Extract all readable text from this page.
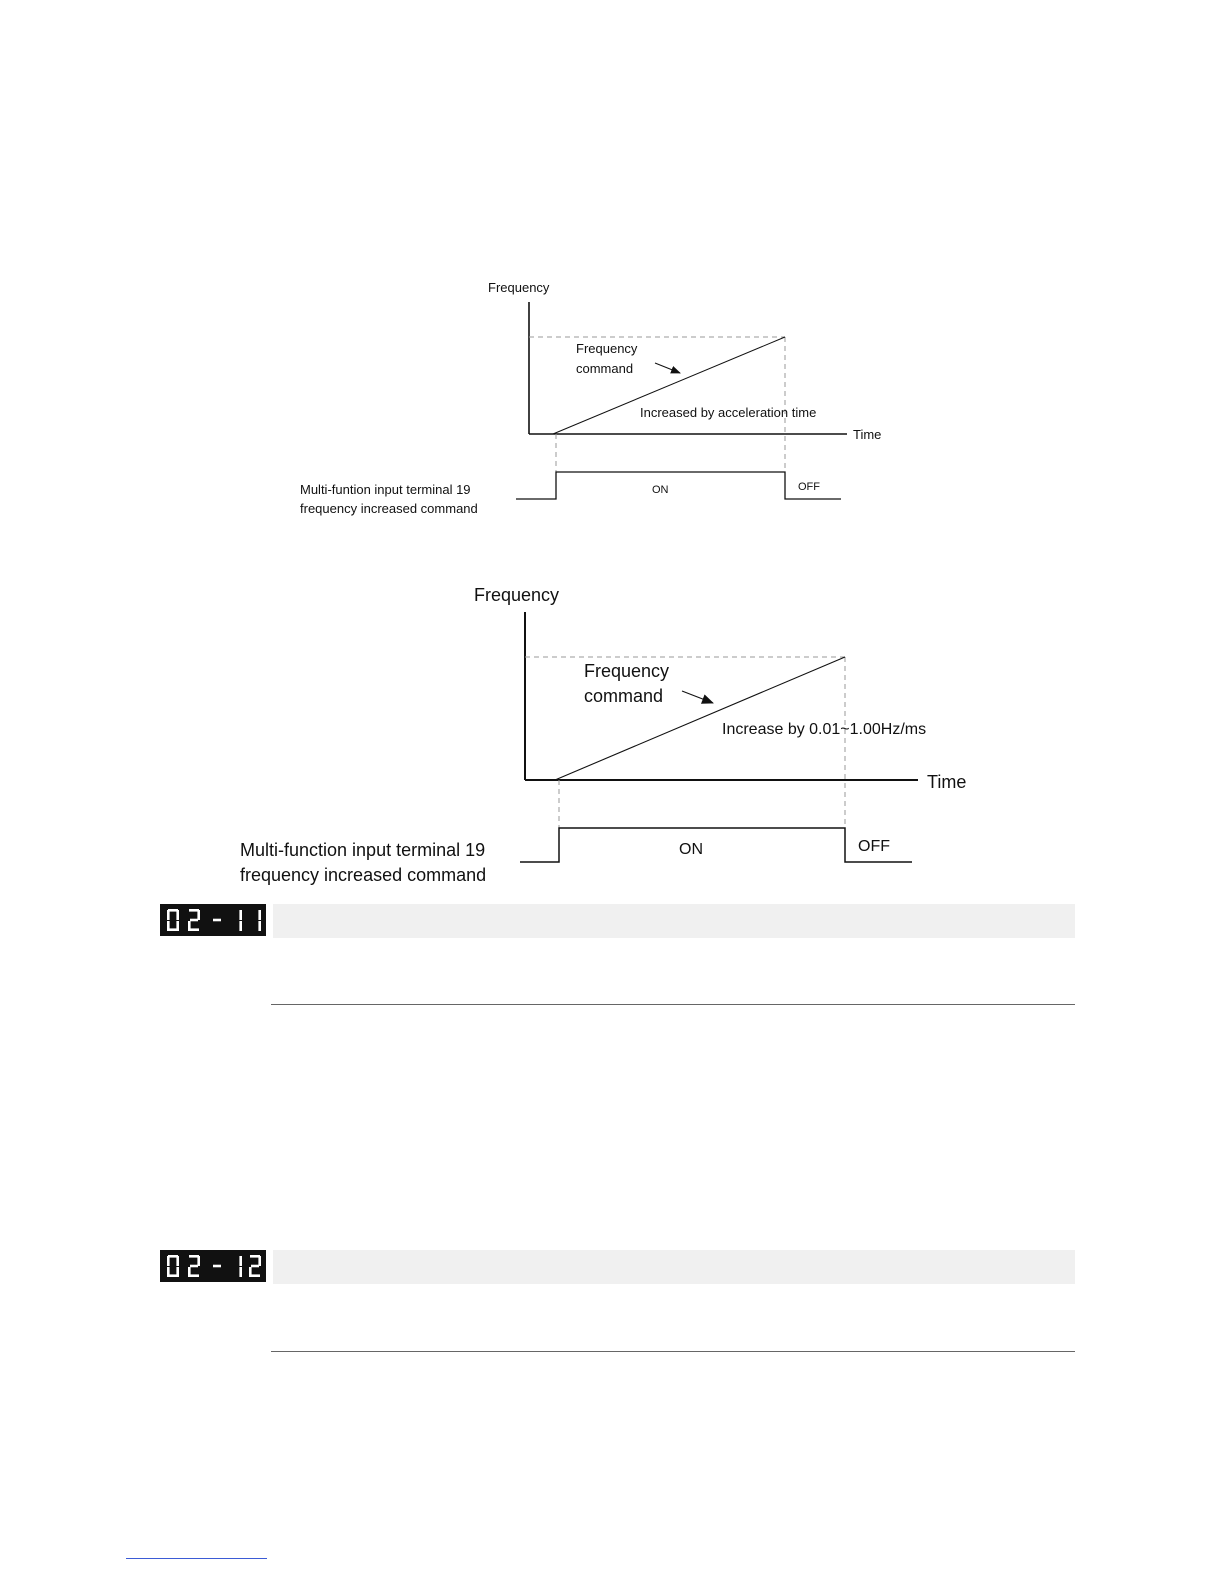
Frequency
Time
Frequency
command
Increased by acceleration time
ON	OFF
Multi-funtion input terminal 19
frequency increased command
Frequency
Time
Frequency
command
Increase by 0.01~1.00Hz/ms
ON	OFF
Multi-function input terminal 19
frequency increased command
